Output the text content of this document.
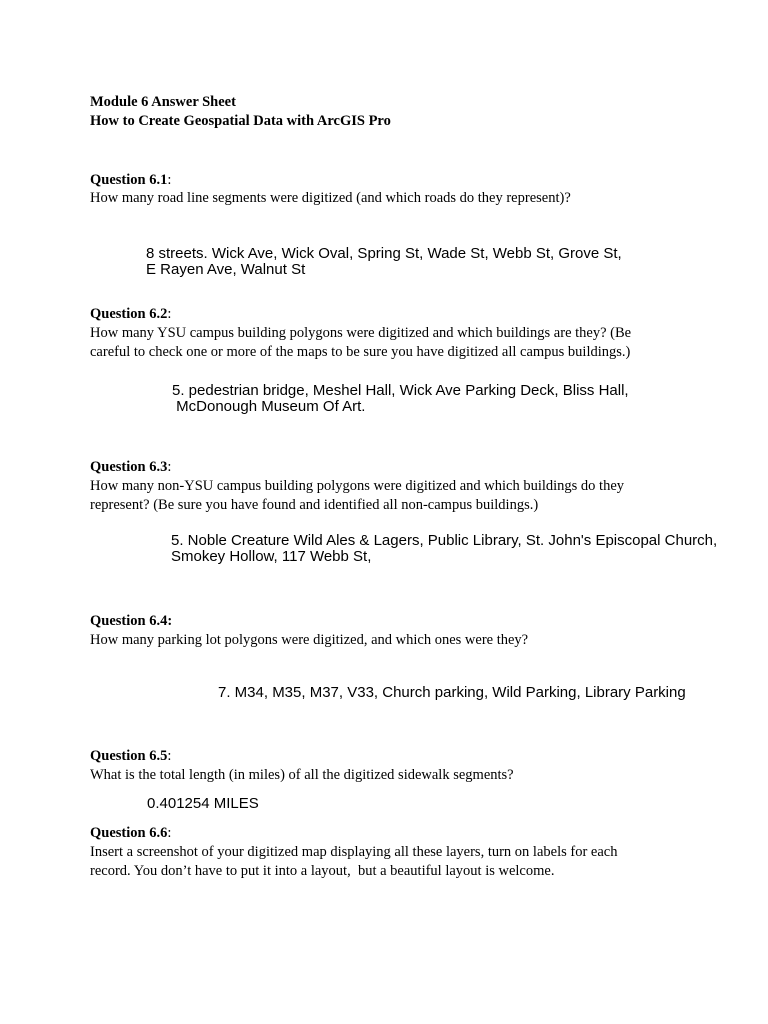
Module 6 Answer Sheet
How to Create Geospatial Data with ArcGIS Pro
Question 6.1:
How many road line segments were digitized (and which roads do they represent)?
8 streets. Wick Ave, Wick Oval, Spring St, Wade St, Webb St, Grove St,
E Rayen Ave, Walnut St
Question 6.2:
How many YSU campus building polygons were digitized and which buildings are they? (Be
careful to check one or more of the maps to be sure you have digitized all campus buildings.)
5. pedestrian bridge, Meshel Hall, Wick Ave Parking Deck, Bliss Hall,
McDonough Museum Of Art.
Question 6.3:
How many non-YSU campus building polygons were digitized and which buildings do they
represent? (Be sure you have found and identified all non-campus buildings.)
5. Noble Creature Wild Ales & Lagers, Public Library, St. John's Episcopal Church,
Smokey Hollow, 117 Webb St,
Question 6.4:
How many parking lot polygons were digitized, and which ones were they?
7. M34, M35, M37, V33, Church parking, Wild Parking, Library Parking
Question 6.5:
What is the total length (in miles) of all the digitized sidewalk segments?
0.401254 MILES
Question 6.6:
Insert a screenshot of your digitized map displaying all these layers, turn on labels for each
record. You don’t have to put it into a layout,  but a beautiful layout is welcome.
